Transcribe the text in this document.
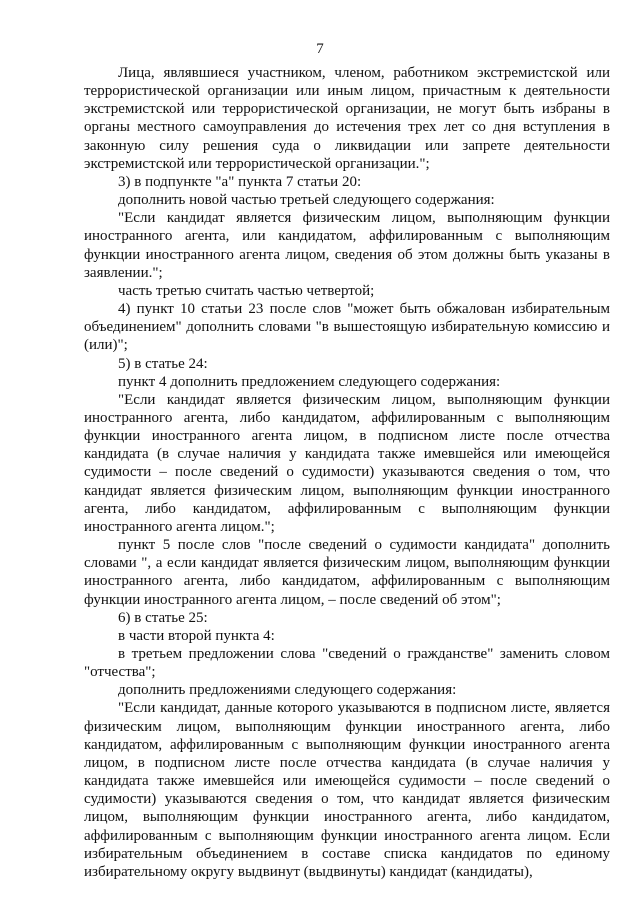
7

Лица, являвшиеся участником, членом, работником экстремистской или террористической организации или иным лицом, причастным к деятельности экстремистской или террористической организации, не могут быть избраны в органы местного самоуправления до истечения трех лет со дня вступления в законную силу решения суда о ликвидации или запрете деятельности экстремистской или террористической организации.";

3) в подпункте "а" пункта 7 статьи 20:

дополнить новой частью третьей следующего содержания:

"Если кандидат является физическим лицом, выполняющим функции иностранного агента, или кандидатом, аффилированным с выполняющим функции иностранного агента лицом, сведения об этом должны быть указаны в заявлении.";

часть третью считать частью четвертой;

4) пункт 10 статьи 23 после слов "может быть обжалован избирательным объединением" дополнить словами "в вышестоящую избирательную комиссию и (или)";

5) в статье 24:

пункт 4 дополнить предложением следующего содержания:

"Если кандидат является физическим лицом, выполняющим функции иностранного агента, либо кандидатом, аффилированным с выполняющим функции иностранного агента лицом, в подписном листе после отчества кандидата (в случае наличия у кандидата также имевшейся или имеющейся судимости – после сведений о судимости) указываются сведения о том, что кандидат является физическим лицом, выполняющим функции иностранного агента, либо кандидатом, аффилированным с выполняющим функции иностранного агента лицом.";

пункт 5 после слов "после сведений о судимости кандидата" дополнить словами ", а если кандидат является физическим лицом, выполняющим функции иностранного агента, либо кандидатом, аффилированным с выполняющим функции иностранного агента лицом, – после сведений об этом";

6) в статье 25:

в части второй пункта 4:

в третьем предложении слова "сведений о гражданстве" заменить словом "отчества";

дополнить предложениями следующего содержания:

"Если кандидат, данные которого указываются в подписном листе, является физическим лицом, выполняющим функции иностранного агента, либо кандидатом, аффилированным с выполняющим функции иностранного агента лицом, в подписном листе после отчества кандидата (в случае наличия у кандидата также имевшейся или имеющейся судимости – после сведений о судимости) указываются сведения о том, что кандидат является физическим лицом, выполняющим функции иностранного агента, либо кандидатом, аффилированным с выполняющим функции иностранного агента лицом. Если избирательным объединением в составе списка кандидатов по единому избирательному округу выдвинут (выдвинуты) кандидат (кандидаты),
